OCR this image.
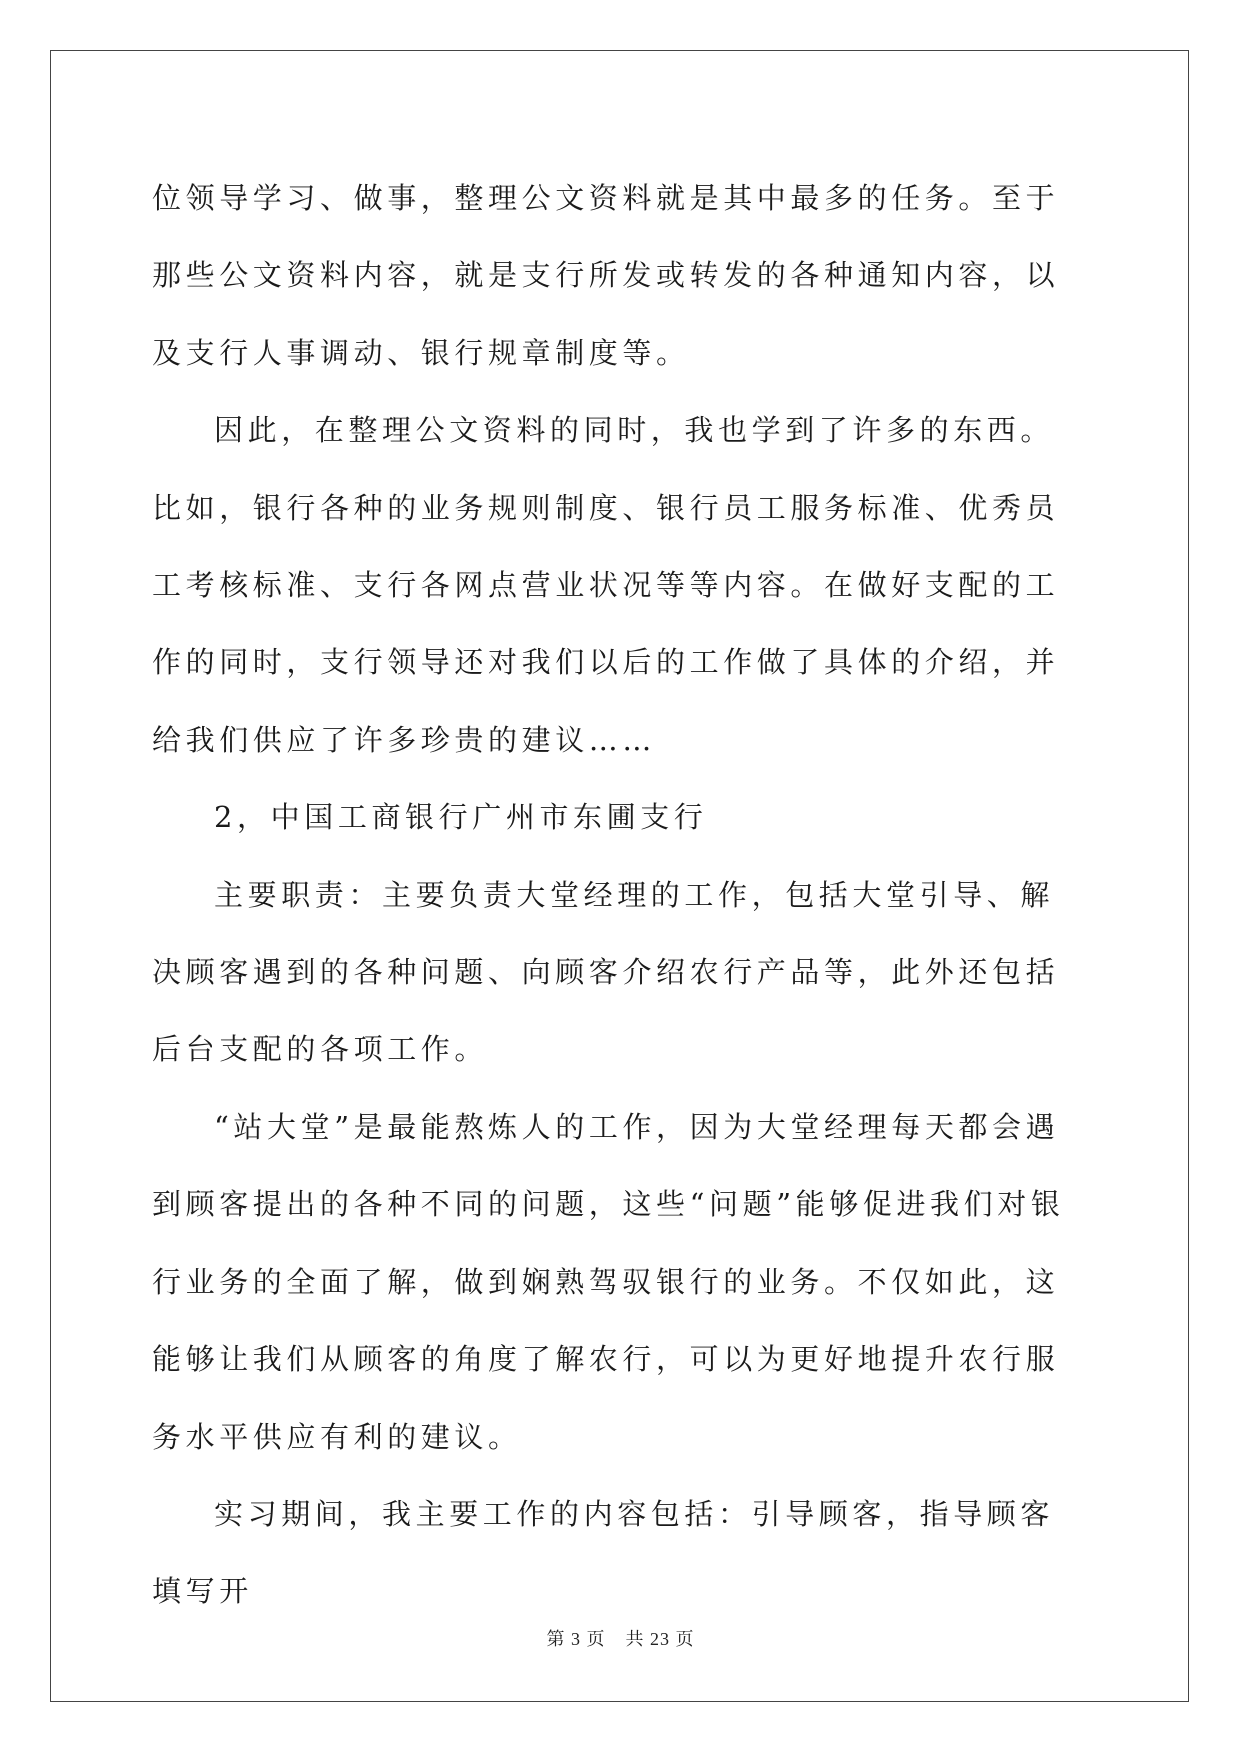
位领导学习、做事，整理公文资料就是其中最多的任务。至于那些公文资料内容，就是支行所发或转发的各种通知内容，以及支行人事调动、银行规章制度等。

因此，在整理公文资料的同时，我也学到了许多的东西。比如，银行各种的业务规则制度、银行员工服务标准、优秀员工考核标准、支行各网点营业状况等等内容。在做好支配的工作的同时，支行领导还对我们以后的工作做了具体的介绍，并给我们供应了许多珍贵的建议……

2，中国工商银行广州市东圃支行

主要职责：主要负责大堂经理的工作，包括大堂引导、解决顾客遇到的各种问题、向顾客介绍农行产品等，此外还包括后台支配的各项工作。

“站大堂”是最能熬炼人的工作，因为大堂经理每天都会遇到顾客提出的各种不同的问题，这些“问题”能够促进我们对银行业务的全面了解，做到娴熟驾驭银行的业务。不仅如此，这能够让我们从顾客的角度了解农行，可以为更好地提升农行服务水平供应有利的建议。

实习期间，我主要工作的内容包括：引导顾客，指导顾客填写开

第 3 页 共 23 页
